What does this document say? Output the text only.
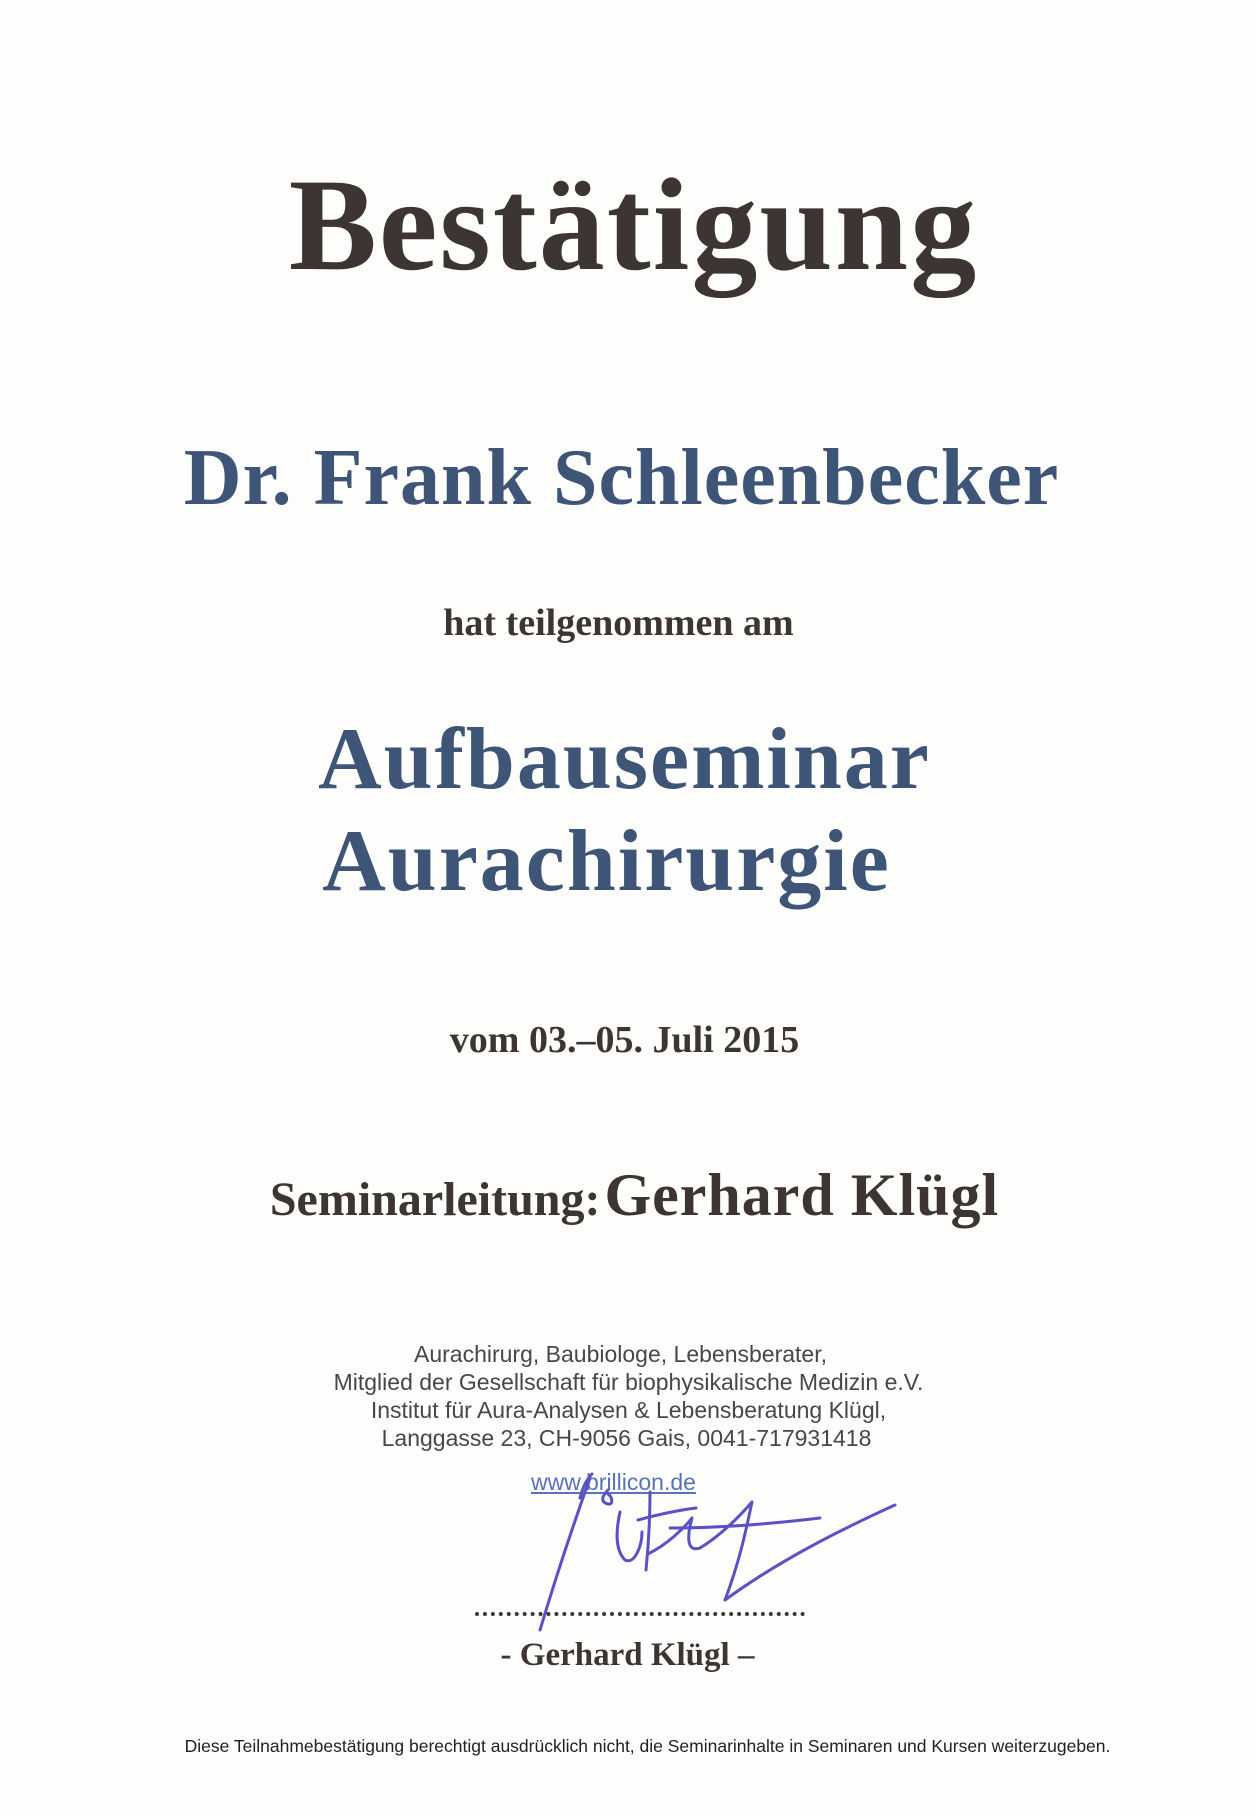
Bestätigung
Dr. Frank Schleenbecker
hat teilgenommen am
Aufbauseminar
Aurachirurgie
vom 03.–05. Juli 2015
Seminarleitung: Gerhard Klügl
Aurachirurg, Baubiologe, Lebensberater,
Mitglied der Gesellschaft für biophysikalische Medizin e.V.
Institut für Aura-Analysen & Lebensberatung Klügl,
Langgasse 23, CH-9056 Gais, 0041-717931418
www.brillicon.de
- Gerhard Klügl –
Diese Teilnahmebestätigung berechtigt ausdrücklich nicht, die Seminarinhalte in Seminaren und Kursen weiterzugeben.
